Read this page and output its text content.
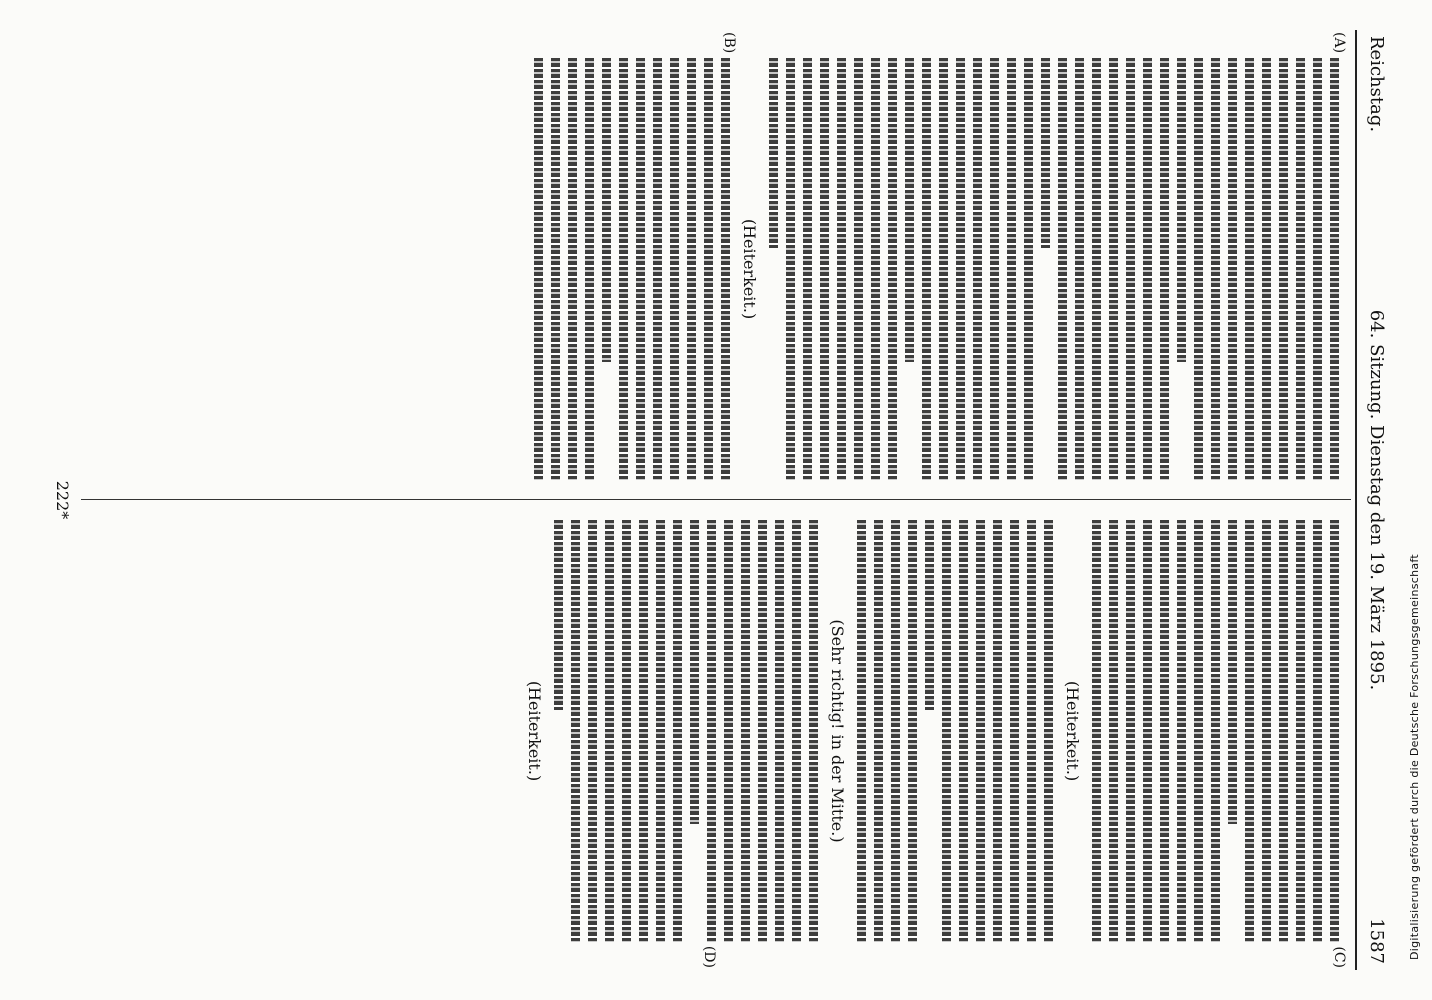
Reichstag.
64. Sitzung. Dienstag den 19. März 1895.
1587
(A)
(B)
(Heiterkeit.)
(C)
(D)
(Heiterkeit.)
(Sehr richtig! in der Mitte.)
(Heiterkeit.)
222*
Digitalisierung gefördert durch die Deutsche Forschungsgemeinschaft
